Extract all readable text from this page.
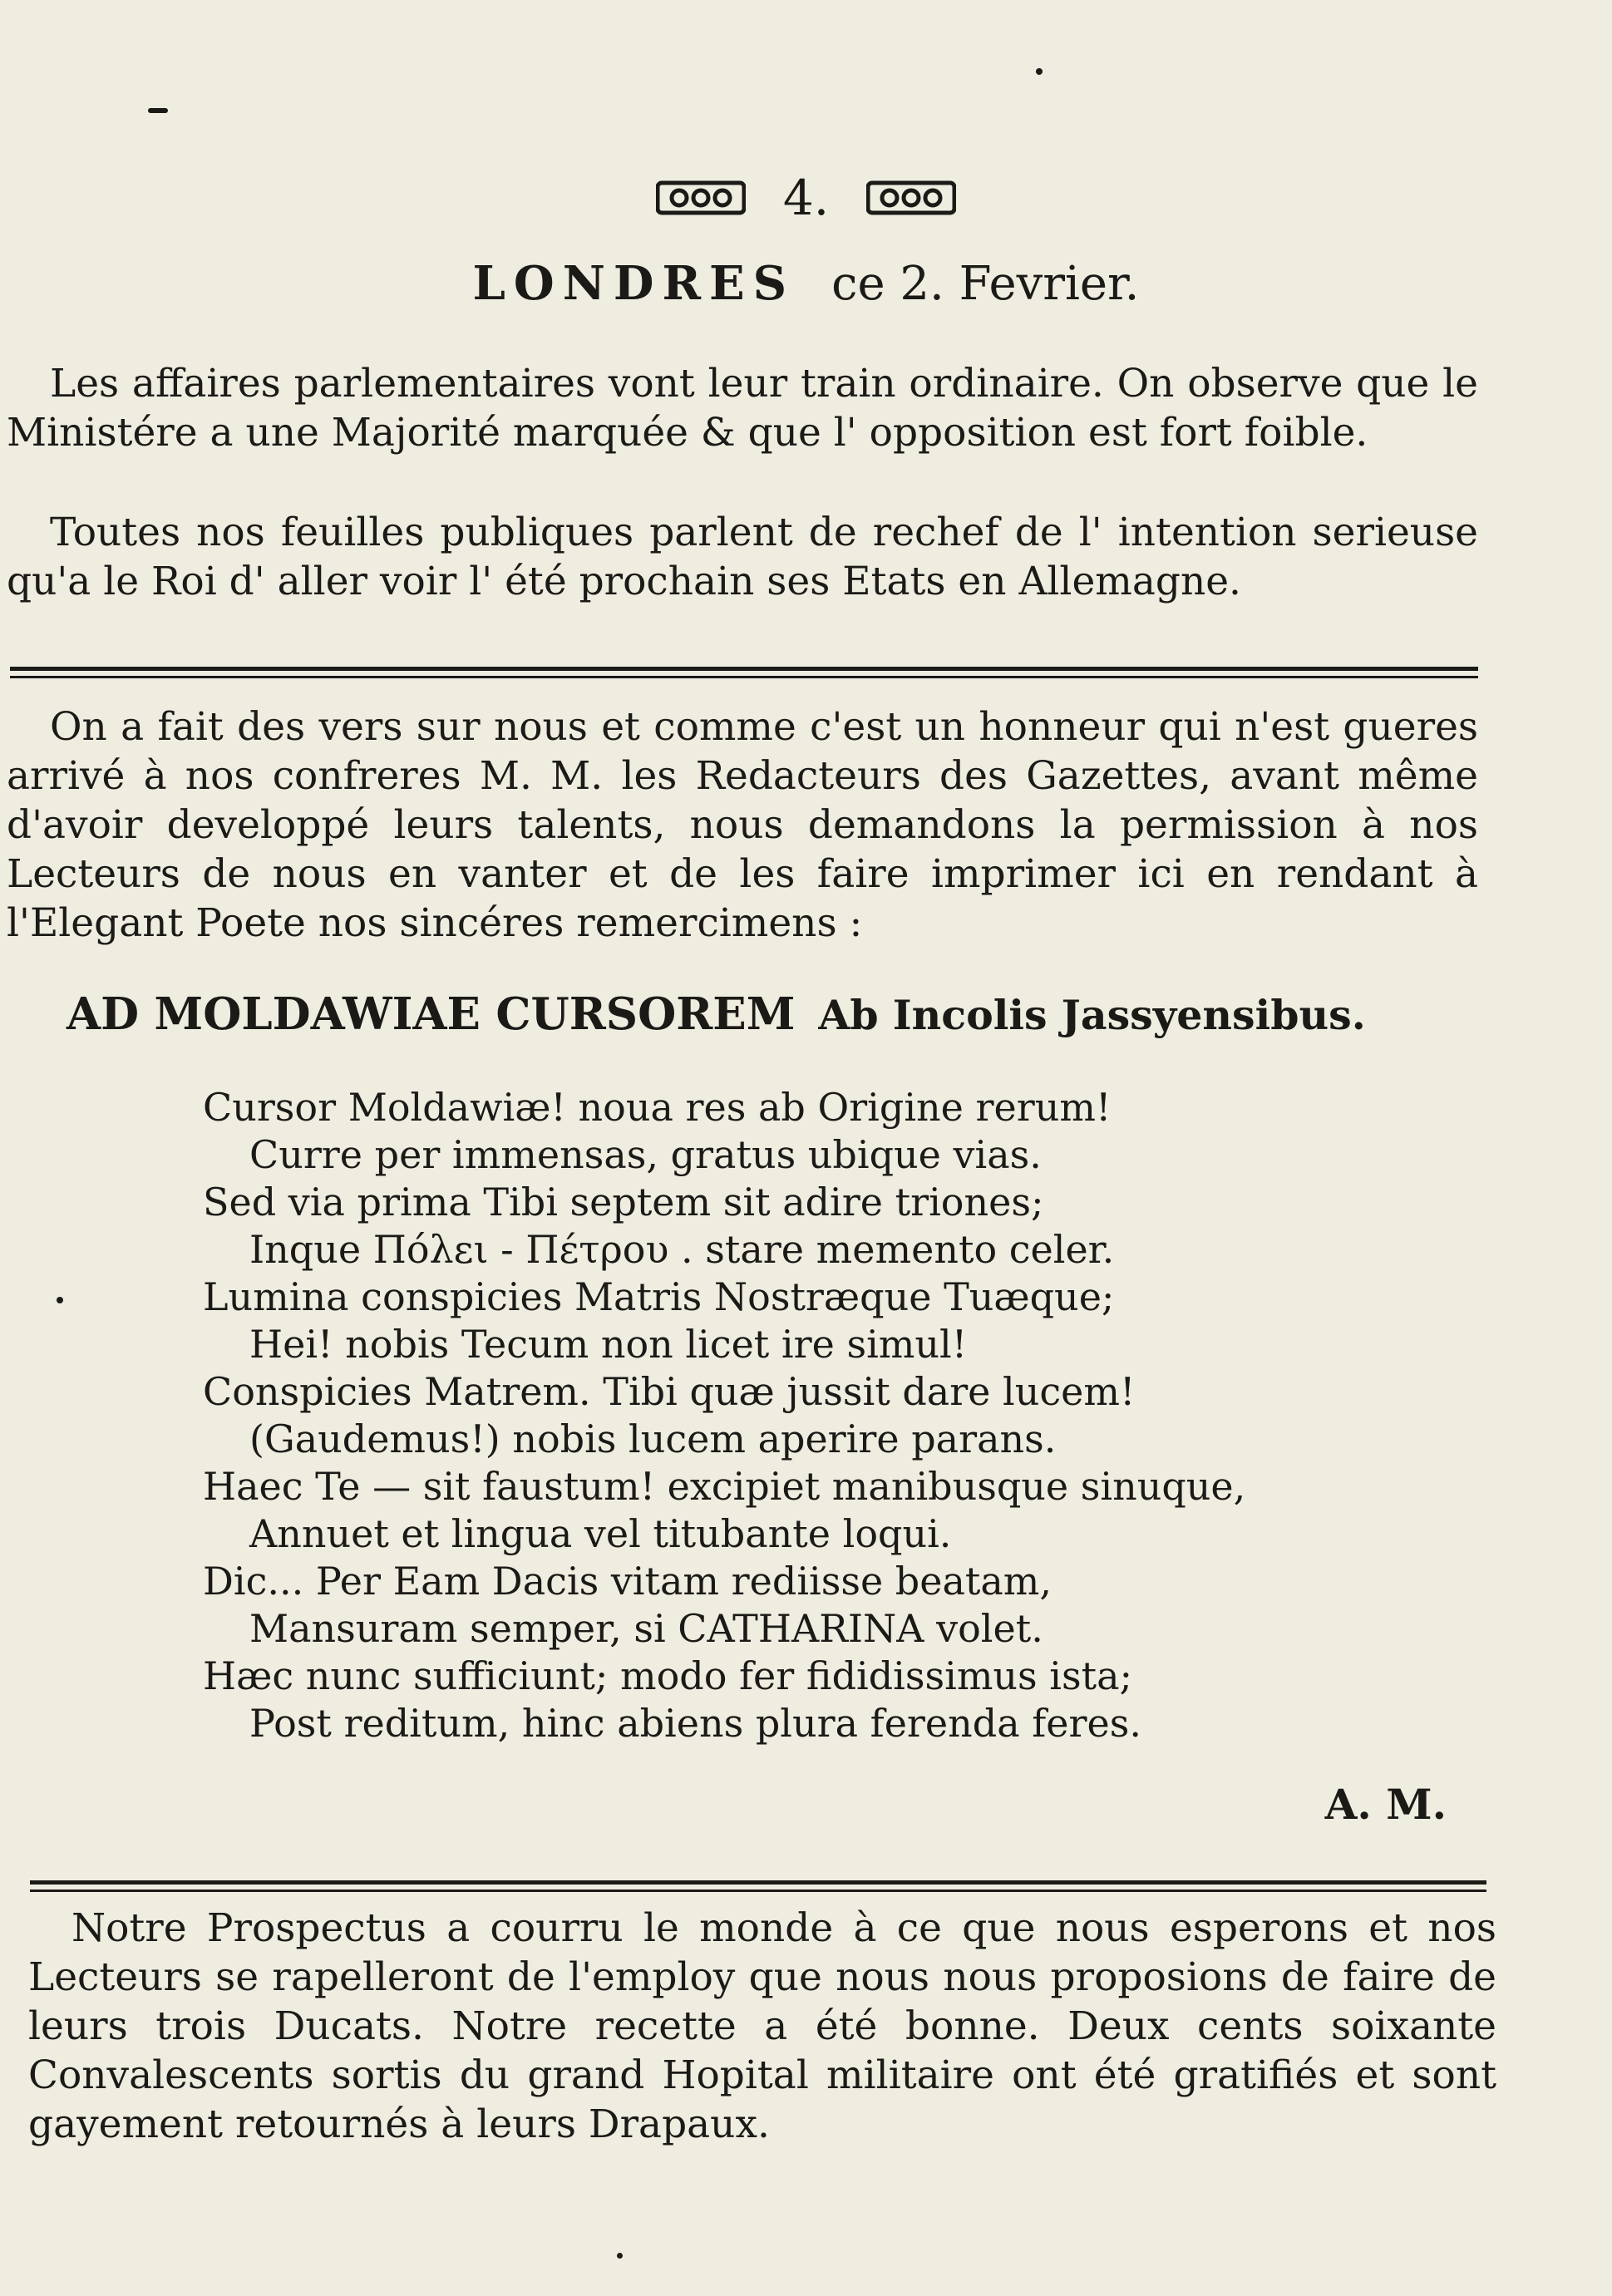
4.
LONDRES ce 2. Fevrier.

Les affaires parlementaires vont leur train ordinaire. On observe que le Ministére a une Majorité marquée & que l' opposition est fort foible.

Toutes nos feuilles publiques parlent de rechef de l' intention serieuse qu'a le Roi d' aller voir l' été prochain ses Etats en Allemagne.

On a fait des vers sur nous et comme c'est un honneur qui n'est gueres arrivé à nos confreres M. M. les Redacteurs des Gazettes, avant même d'avoir developpé leurs talents, nous demandons la permission à nos Lecteurs de nous en vanter et de les faire imprimer ici en rendant à l'Elegant Poete nos sincéres remercimens :

AD MOLDAWIAE CURSOREM Ab Incolis Jassyensibus.
Cursor Moldawiæ! noua res ab Origine rerum!
Curre per immensas, gratus ubique vias.
Sed via prima Tibi septem sit adire triones;
Inque Πόλει - Πέτρου . stare memento celer.
Lumina conspicies Matris Nostræque Tuæque;
Hei! nobis Tecum non licet ire simul!
Conspicies Matrem. Tibi quæ jussit dare lucem!
(Gaudemus!) nobis lucem aperire parans.
Haec Te — sit faustum! excipiet manibusque sinuque,
Annuet et lingua vel titubante loqui.
Dic... Per Eam Dacis vitam rediisse beatam,
Mansuram semper, si CATHARINA volet.
Hæc nunc sufficiunt; modo fer fididissimus ista;
Post reditum, hinc abiens plura ferenda feres.

A. M.

Notre Prospectus a courru le monde à ce que nous esperons et nos Lecteurs se rapelleront de l'employ que nous nous proposions de faire de leurs trois Ducats. Notre recette a été bonne. Deux cents soixante Convalescents sortis du grand Hopital militaire ont été gratifiés et sont gayement retournés à leurs Drapaux.
